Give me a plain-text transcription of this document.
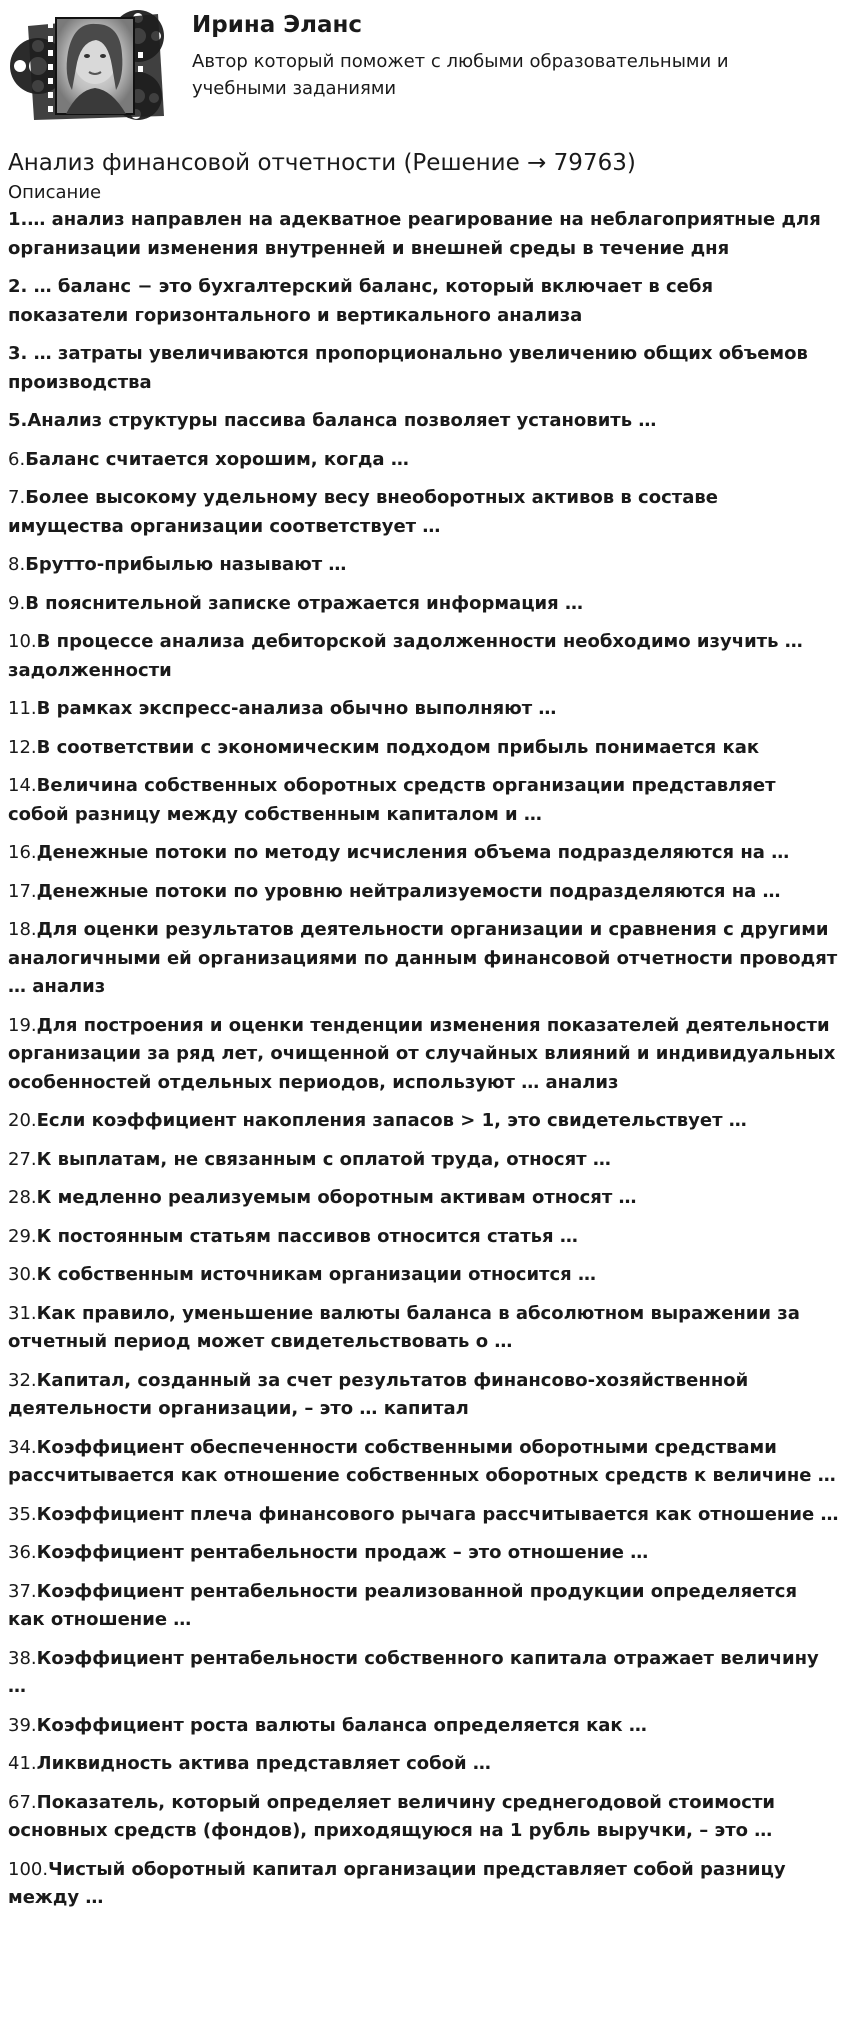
Ирина Эланс

Автор который поможет с любыми образовательными и учебными заданиями

Анализ финансовой отчетности (Решение → 79763)
Описание
1.… анализ направлен на адекватное реагирование на неблагоприятные для организации изменения внутренней и внешней среды в течение дня
2. … баланс − это бухгалтерский баланс, который включает в себя показатели горизонтального и вертикального анализа
3. … затраты увеличиваются пропорционально увеличению общих объемов производства
5.Анализ структуры пассива баланса позволяет установить …
6.Баланс считается хорошим, когда …
7.Более высокому удельному весу внеоборотных активов в составе имущества организации соответствует …
8.Брутто-прибылью называют …
9.В пояснительной записке отражается информация …
10.В процессе анализа дебиторской задолженности необходимо изучить … задолженности
11.В рамках экспресс-анализа обычно выполняют …
12.В соответствии с экономическим подходом прибыль понимается как
14.Величина собственных оборотных средств организации представляет собой разницу между собственным капиталом и …
16.Денежные потоки по методу исчисления объема подразделяются на …
17.Денежные потоки по уровню нейтрализуемости подразделяются на …
18.Для оценки результатов деятельности организации и сравнения с другими аналогичными ей организациями по данным финансовой отчетности проводят … анализ
19.Для построения и оценки тенденции изменения показателей деятельности организации за ряд лет, очищенной от случайных влияний и индивидуальных особенностей отдельных периодов, используют … анализ
20.Если коэффициент накопления запасов > 1, это свидетельствует …
27.К выплатам, не связанным с оплатой труда, относят …
28.К медленно реализуемым оборотным активам относят …
29.К постоянным статьям пассивов относится статья …
30.К собственным источникам организации относится …
31.Как правило, уменьшение валюты баланса в абсолютном выражении за отчетный период может свидетельствовать о …
32.Капитал, созданный за счет результатов финансово-хозяйственной деятельности организации, – это … капитал
34.Коэффициент обеспеченности собственными оборотными средствами рассчитывается как отношение собственных оборотных средств к величине …
35.Коэффициент плеча финансового рычага рассчитывается как отношение …
36.Коэффициент рентабельности продаж – это отношение …
37.Коэффициент рентабельности реализованной продукции определяется как отношение …
38.Коэффициент рентабельности собственного капитала отражает величину …
39.Коэффициент роста валюты баланса определяется как …
41.Ликвидность актива представляет собой …
67.Показатель, который определяет величину среднегодовой стоимости основных средств (фондов), приходящуюся на 1 рубль выручки, – это …
100.Чистый оборотный капитал организации представляет собой разницу между …
